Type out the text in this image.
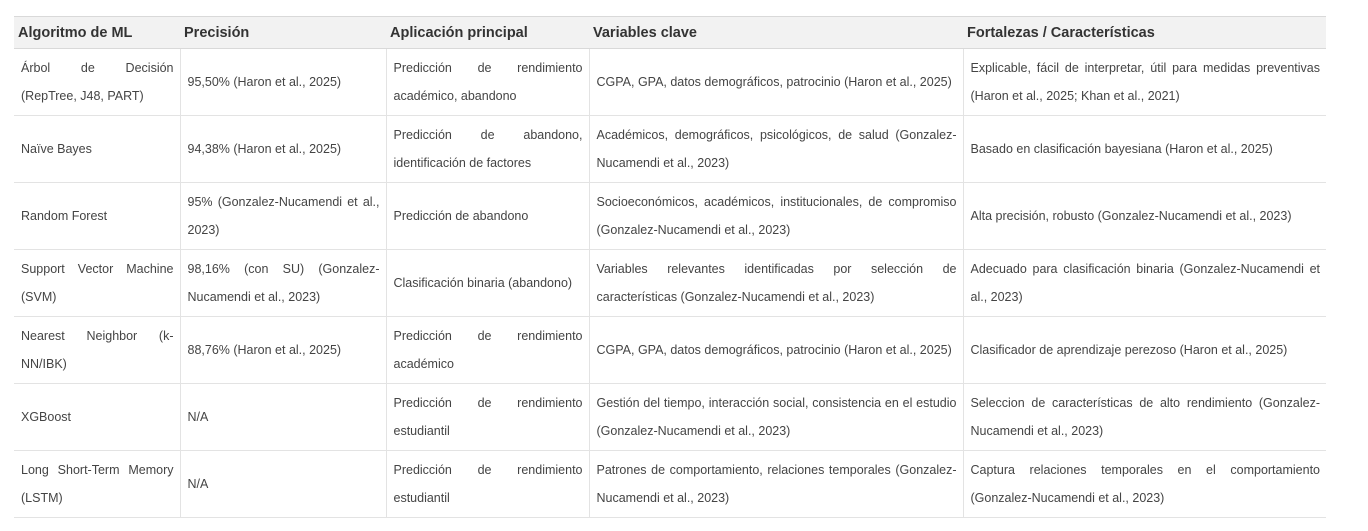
Algoritmo de ML	Precisión	Aplicación principal	Variables clave	Fortalezas / Características
Árbol de Decisión (RepTree, J48, PART)	95,50% (Haron et al., 2025)	Predicción de rendimiento académico, abandono	CGPA, GPA, datos demográficos, patrocinio (Haron et al., 2025)	Explicable, fácil de interpretar, útil para medidas preventivas (Haron et al., 2025; Khan et al., 2021)
Naïve Bayes	94,38% (Haron et al., 2025)	Predicción de abandono, identificación de factores	Académicos, demográficos, psicológicos, de salud (Gonzalez-Nucamendi et al., 2023)	Basado en clasificación bayesiana (Haron et al., 2025)
Random Forest	95% (Gonzalez-Nucamendi et al., 2023)	Predicción de abandono	Socioeconómicos, académicos, institucionales, de compromiso (Gonzalez-Nucamendi et al., 2023)	Alta precisión, robusto (Gonzalez-Nucamendi et al., 2023)
Support Vector Machine (SVM)	98,16% (con SU) (Gonzalez-Nucamendi et al., 2023)	Clasificación binaria (abandono)	Variables relevantes identificadas por selección de características (Gonzalez-Nucamendi et al., 2023)	Adecuado para clasificación binaria (Gonzalez-Nucamendi et al., 2023)
Nearest Neighbor (k-NN/IBK)	88,76% (Haron et al., 2025)	Predicción de rendimiento académico	CGPA, GPA, datos demográficos, patrocinio (Haron et al., 2025)	Clasificador de aprendizaje perezoso (Haron et al., 2025)
XGBoost	N/A	Predicción de rendimiento estudiantil	Gestión del tiempo, interacción social, consistencia en el estudio (Gonzalez-Nucamendi et al., 2023)	Seleccion de características de alto rendimiento (Gonzalez-Nucamendi et al., 2023)
Long Short-Term Memory (LSTM)	N/A	Predicción de rendimiento estudiantil	Patrones de comportamiento, relaciones temporales (Gonzalez-Nucamendi et al., 2023)	Captura relaciones temporales en el comportamiento (Gonzalez-Nucamendi et al., 2023)
